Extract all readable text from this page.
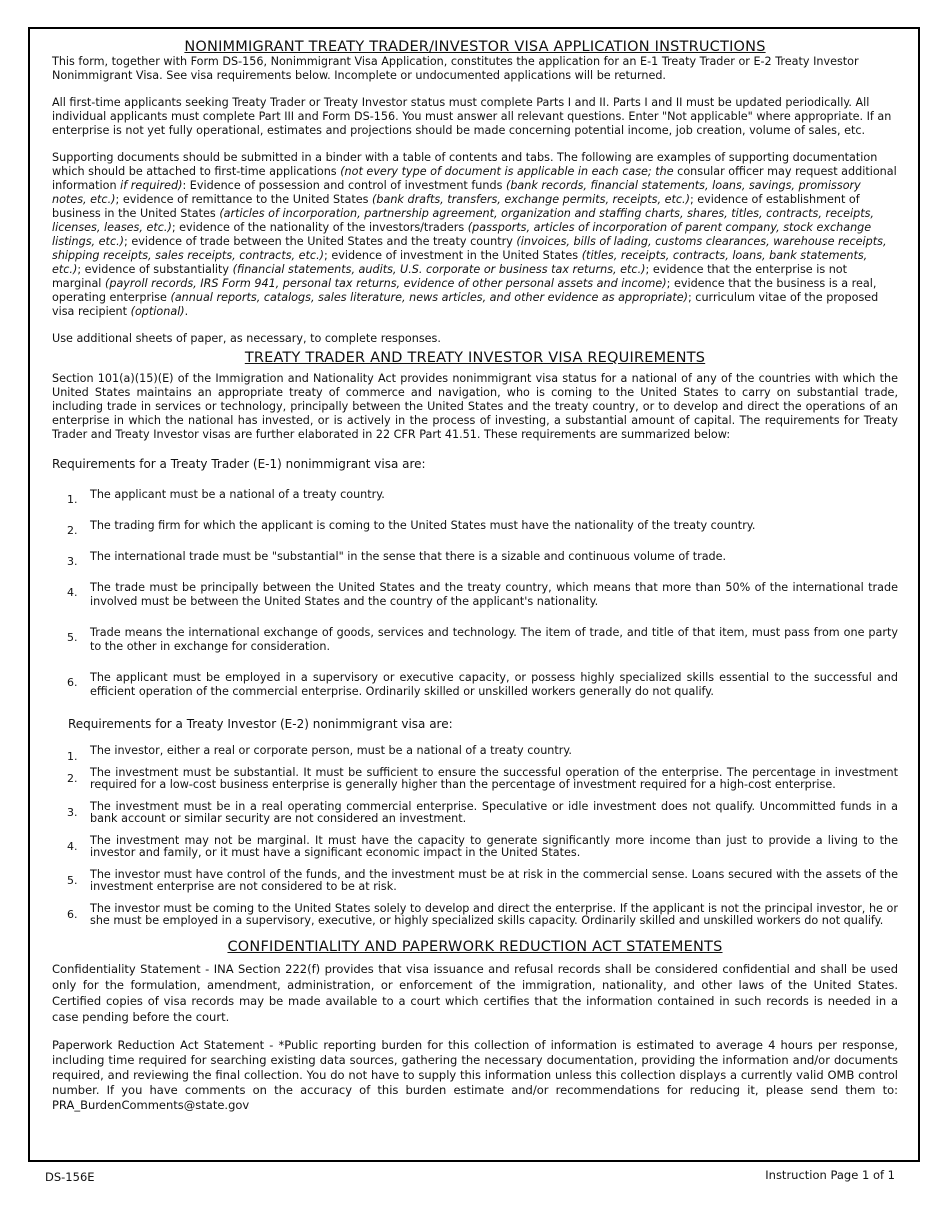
NONIMMIGRANT TREATY TRADER/INVESTOR VISA APPLICATION INSTRUCTIONS

This form, together with Form DS-156, Nonimmigrant Visa Application, constitutes the application for an E-1 Treaty Trader or E-2 Treaty Investor Nonimmigrant Visa. See visa requirements below. Incomplete or undocumented applications will be returned.

All first-time applicants seeking Treaty Trader or Treaty Investor status must complete Parts I and II. Parts I and II must be updated periodically. All individual applicants must complete Part III and Form DS-156. You must answer all relevant questions. Enter "Not applicable" where appropriate. If an enterprise is not yet fully operational, estimates and projections should be made concerning potential income, job creation, volume of sales, etc.

Supporting documents should be submitted in a binder with a table of contents and tabs. The following are examples of supporting documentation which should be attached to first-time applications (not every type of document is applicable in each case; the consular officer may request additional information if required): Evidence of possession and control of investment funds (bank records, financial statements, loans, savings, promissory notes, etc.); evidence of remittance to the United States (bank drafts, transfers, exchange permits, receipts, etc.); evidence of establishment of business in the United States (articles of incorporation, partnership agreement, organization and staffing charts, shares, titles, contracts, receipts, licenses, leases, etc.); evidence of the nationality of the investors/traders (passports, articles of incorporation of parent company, stock exchange listings, etc.); evidence of trade between the United States and the treaty country (invoices, bills of lading, customs clearances, warehouse receipts, shipping receipts, sales receipts, contracts, etc.); evidence of investment in the United States (titles, receipts, contracts, loans, bank statements, etc.); evidence of substantiality (financial statements, audits, U.S. corporate or business tax returns, etc.); evidence that the enterprise is not marginal (payroll records, IRS Form 941, personal tax returns, evidence of other personal assets and income); evidence that the business is a real, operating enterprise (annual reports, catalogs, sales literature, news articles, and other evidence as appropriate); curriculum vitae of the proposed visa recipient (optional).

Use additional sheets of paper, as necessary, to complete responses.

TREATY TRADER AND TREATY INVESTOR VISA REQUIREMENTS

Section 101(a)(15)(E) of the Immigration and Nationality Act provides nonimmigrant visa status for a national of any of the countries with which the United States maintains an appropriate treaty of commerce and navigation, who is coming to the United States to carry on substantial trade, including trade in services or technology, principally between the United States and the treaty country, or to develop and direct the operations of an enterprise in which the national has invested, or is actively in the process of investing, a substantial amount of capital. The requirements for Treaty Trader and Treaty Investor visas are further elaborated in 22 CFR Part 41.51. These requirements are summarized below:

Requirements for a Treaty Trader (E-1) nonimmigrant visa are:

1. The applicant must be a national of a treaty country.
2. The trading firm for which the applicant is coming to the United States must have the nationality of the treaty country.
3. The international trade must be "substantial" in the sense that there is a sizable and continuous volume of trade.
4. The trade must be principally between the United States and the treaty country, which means that more than 50% of the international trade involved must be between the United States and the country of the applicant's nationality.
5. Trade means the international exchange of goods, services and technology. The item of trade, and title of that item, must pass from one party to the other in exchange for consideration.
6. The applicant must be employed in a supervisory or executive capacity, or possess highly specialized skills essential to the successful and efficient operation of the commercial enterprise. Ordinarily skilled or unskilled workers generally do not qualify.

Requirements for a Treaty Investor (E-2) nonimmigrant visa are:

1. The investor, either a real or corporate person, must be a national of a treaty country.
2. The investment must be substantial. It must be sufficient to ensure the successful operation of the enterprise. The percentage in investment required for a low-cost business enterprise is generally higher than the percentage of investment required for a high-cost enterprise.
3. The investment must be in a real operating commercial enterprise. Speculative or idle investment does not qualify. Uncommitted funds in a bank account or similar security are not considered an investment.
4. The investment may not be marginal. It must have the capacity to generate significantly more income than just to provide a living to the investor and family, or it must have a significant economic impact in the United States.
5. The investor must have control of the funds, and the investment must be at risk in the commercial sense. Loans secured with the assets of the investment enterprise are not considered to be at risk.
6. The investor must be coming to the United States solely to develop and direct the enterprise. If the applicant is not the principal investor, he or she must be employed in a supervisory, executive, or highly specialized skills capacity. Ordinarily skilled and unskilled workers do not qualify.
CONFIDENTIALITY AND PAPERWORK REDUCTION ACT STATEMENTS

Confidentiality Statement - INA Section 222(f) provides that visa issuance and refusal records shall be considered confidential and shall be used only for the formulation, amendment, administration, or enforcement of the immigration, nationality, and other laws of the United States. Certified copies of visa records may be made available to a court which certifies that the information contained in such records is needed in a case pending before the court.

Paperwork Reduction Act Statement - *Public reporting burden for this collection of information is estimated to average 4 hours per response, including time required for searching existing data sources, gathering the necessary documentation, providing the information and/or documents required, and reviewing the final collection. You do not have to supply this information unless this collection displays a currently valid OMB control number. If you have comments on the accuracy of this burden estimate and/or recommendations for reducing it, please send them to: PRA_BurdenComments@state.gov

DS-156E	Instruction Page 1 of 1
